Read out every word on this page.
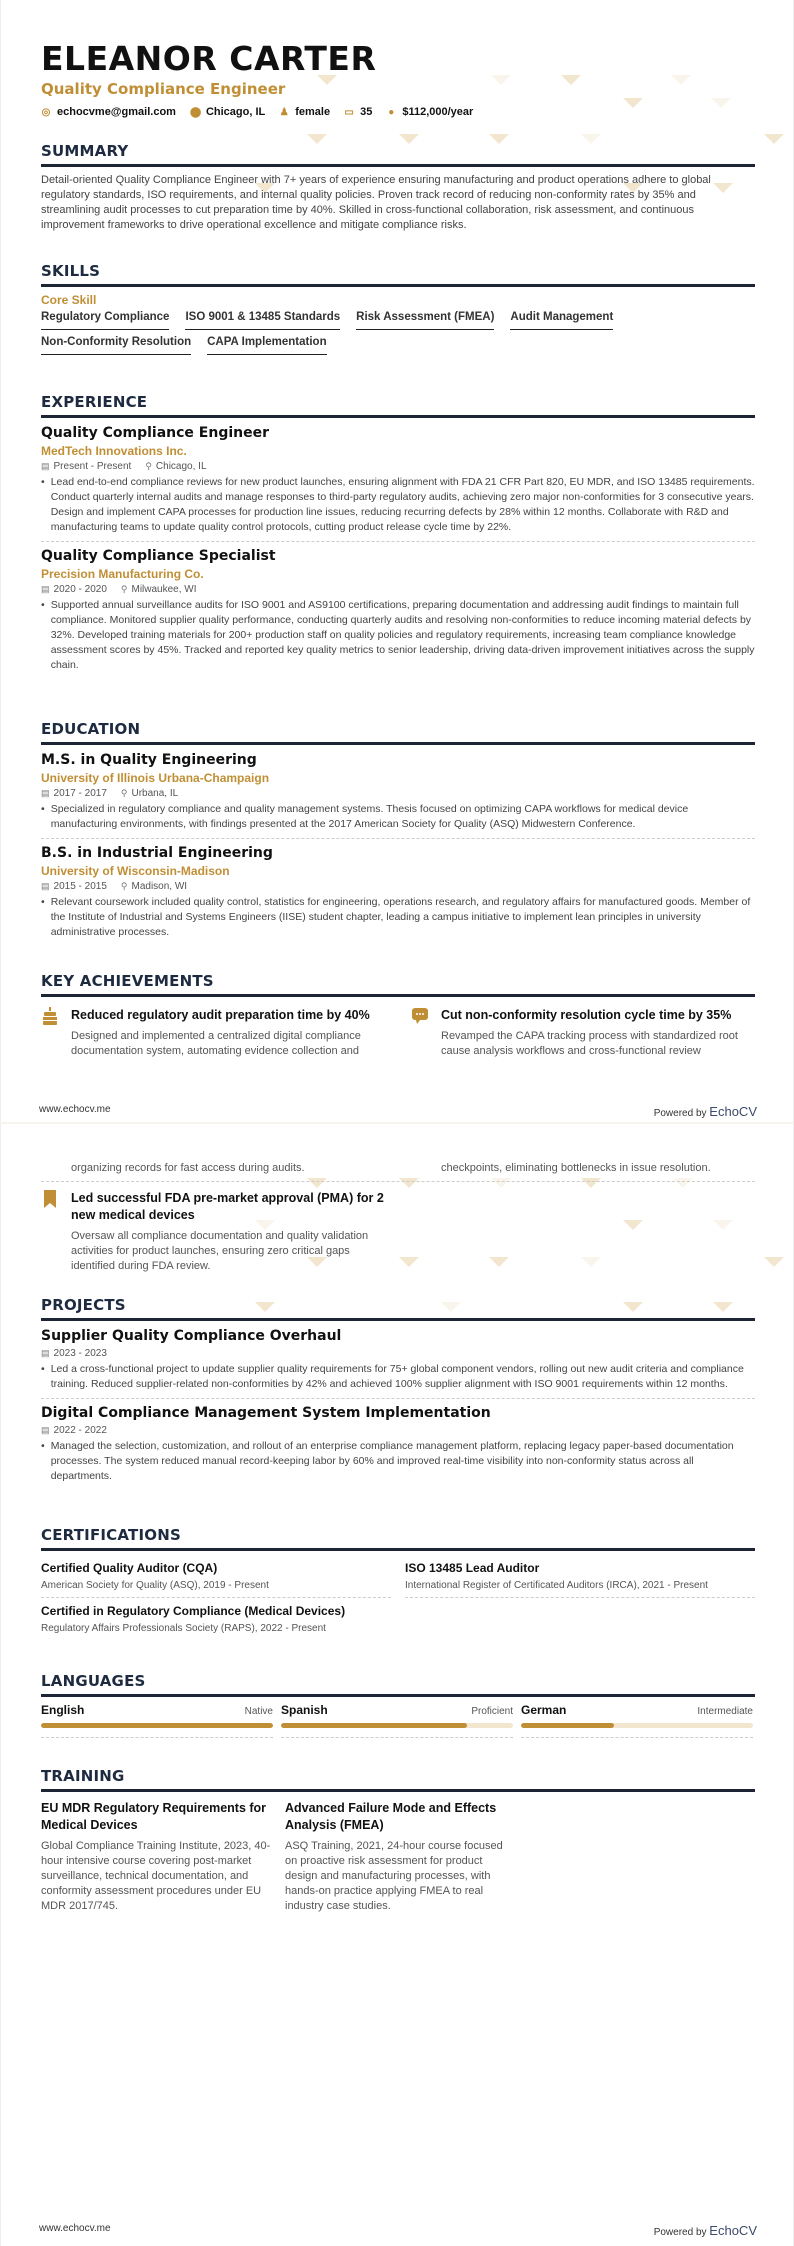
ELEANOR CARTER
Quality Compliance Engineer
◎ echocvme@gmail.com ⬤ Chicago, IL ♟ female ▭ 35 ● $112,000/year
SUMMARY
Detail-oriented Quality Compliance Engineer with 7+ years of experience ensuring manufacturing and product operations adhere to global regulatory standards, ISO requirements, and internal quality policies. Proven track record of reducing non-conformity rates by 35% and streamlining audit processes to cut preparation time by 40%. Skilled in cross-functional collaboration, risk assessment, and continuous improvement frameworks to drive operational excellence and mitigate compliance risks.
SKILLS
Core Skill
Regulatory Compliance ISO 9001 & 13485 Standards Risk Assessment (FMEA) Audit Management
Non-Conformity Resolution CAPA Implementation
EXPERIENCE
Quality Compliance Engineer
MedTech Innovations Inc.
▤ Present - Present ⚲ Chicago, IL
• Lead end-to-end compliance reviews for new product launches, ensuring alignment with FDA 21 CFR Part 820, EU MDR, and ISO 13485 requirements. Conduct quarterly internal audits and manage responses to third-party regulatory audits, achieving zero major non-conformities for 3 consecutive years. Design and implement CAPA processes for production line issues, reducing recurring defects by 28% within 12 months. Collaborate with R&D and manufacturing teams to update quality control protocols, cutting product release cycle time by 22%.
Quality Compliance Specialist
Precision Manufacturing Co.
▤ 2020 - 2020 ⚲ Milwaukee, WI
• Supported annual surveillance audits for ISO 9001 and AS9100 certifications, preparing documentation and addressing audit findings to maintain full compliance. Monitored supplier quality performance, conducting quarterly audits and resolving non-conformities to reduce incoming material defects by 32%. Developed training materials for 200+ production staff on quality policies and regulatory requirements, increasing team compliance knowledge assessment scores by 45%. Tracked and reported key quality metrics to senior leadership, driving data-driven improvement initiatives across the supply chain.
EDUCATION
M.S. in Quality Engineering
University of Illinois Urbana-Champaign
▤ 2017 - 2017 ⚲ Urbana, IL
• Specialized in regulatory compliance and quality management systems. Thesis focused on optimizing CAPA workflows for medical device manufacturing environments, with findings presented at the 2017 American Society for Quality (ASQ) Midwestern Conference.
B.S. in Industrial Engineering
University of Wisconsin-Madison
▤ 2015 - 2015 ⚲ Madison, WI
• Relevant coursework included quality control, statistics for engineering, operations research, and regulatory affairs for manufactured goods. Member of the Institute of Industrial and Systems Engineers (IISE) student chapter, leading a campus initiative to implement lean principles in university administrative processes.
KEY ACHIEVEMENTS
Reduced regulatory audit preparation time by 40%
Designed and implemented a centralized digital compliance documentation system, automating evidence collection and
Cut non-conformity resolution cycle time by 35%
Revamped the CAPA tracking process with standardized root cause analysis workflows and cross-functional review
www.echocv.me	Powered by EchoCV
organizing records for fast access during audits.	checkpoints, eliminating bottlenecks in issue resolution.
Led successful FDA pre-market approval (PMA) for 2 new medical devices
Oversaw all compliance documentation and quality validation activities for product launches, ensuring zero critical gaps identified during FDA review.
PROJECTS
Supplier Quality Compliance Overhaul
▤ 2023 - 2023
• Led a cross-functional project to update supplier quality requirements for 75+ global component vendors, rolling out new audit criteria and compliance training. Reduced supplier-related non-conformities by 42% and achieved 100% supplier alignment with ISO 9001 requirements within 12 months.
Digital Compliance Management System Implementation
▤ 2022 - 2022
• Managed the selection, customization, and rollout of an enterprise compliance management platform, replacing legacy paper-based documentation processes. The system reduced manual record-keeping labor by 60% and improved real-time visibility into non-conformity status across all departments.
CERTIFICATIONS
Certified Quality Auditor (CQA)
American Society for Quality (ASQ), 2019 - Present
ISO 13485 Lead Auditor
International Register of Certificated Auditors (IRCA), 2021 - Present
Certified in Regulatory Compliance (Medical Devices)
Regulatory Affairs Professionals Society (RAPS), 2022 - Present
LANGUAGES
English	Native Spanish	Proficient German	Intermediate
TRAINING
EU MDR Regulatory Requirements for Medical Devices
Global Compliance Training Institute, 2023, 40-hour intensive course covering post-market surveillance, technical documentation, and conformity assessment procedures under EU MDR 2017/745.
Advanced Failure Mode and Effects Analysis (FMEA)
ASQ Training, 2021, 24-hour course focused on proactive risk assessment for product design and manufacturing processes, with hands-on practice applying FMEA to real industry case studies.
www.echocv.me	Powered by EchoCV
